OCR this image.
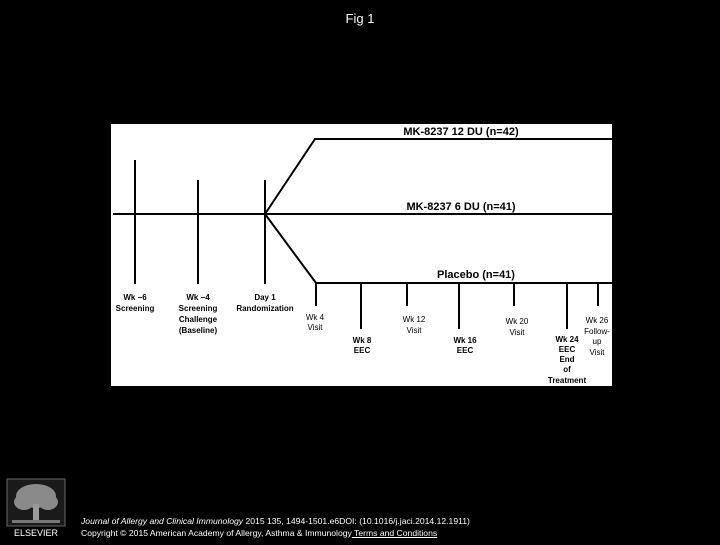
Fig 1
MK-8237 12 DU (n=42)
MK-8237 6 DU (n=41)
Placebo (n=41)
Wk −6
Screening
Wk −4
Screening
Challenge
(Baseline)
Day 1
Randomization
Wk 4
Visit
Wk 8
EEC
Wk 12
Visit
Wk 16
EEC
Wk 20
Visit
Wk 24
EEC
End
of
Treatment
Wk 26
Follow-
up
Visit
ELSEVIER
Journal of Allergy and Clinical Immunology 2015 135, 1494-1501.e6DOI: (10.1016/j.jaci.2014.12.1911)
Copyright © 2015 American Academy of Allergy, Asthma & Immunology Terms and Conditions
